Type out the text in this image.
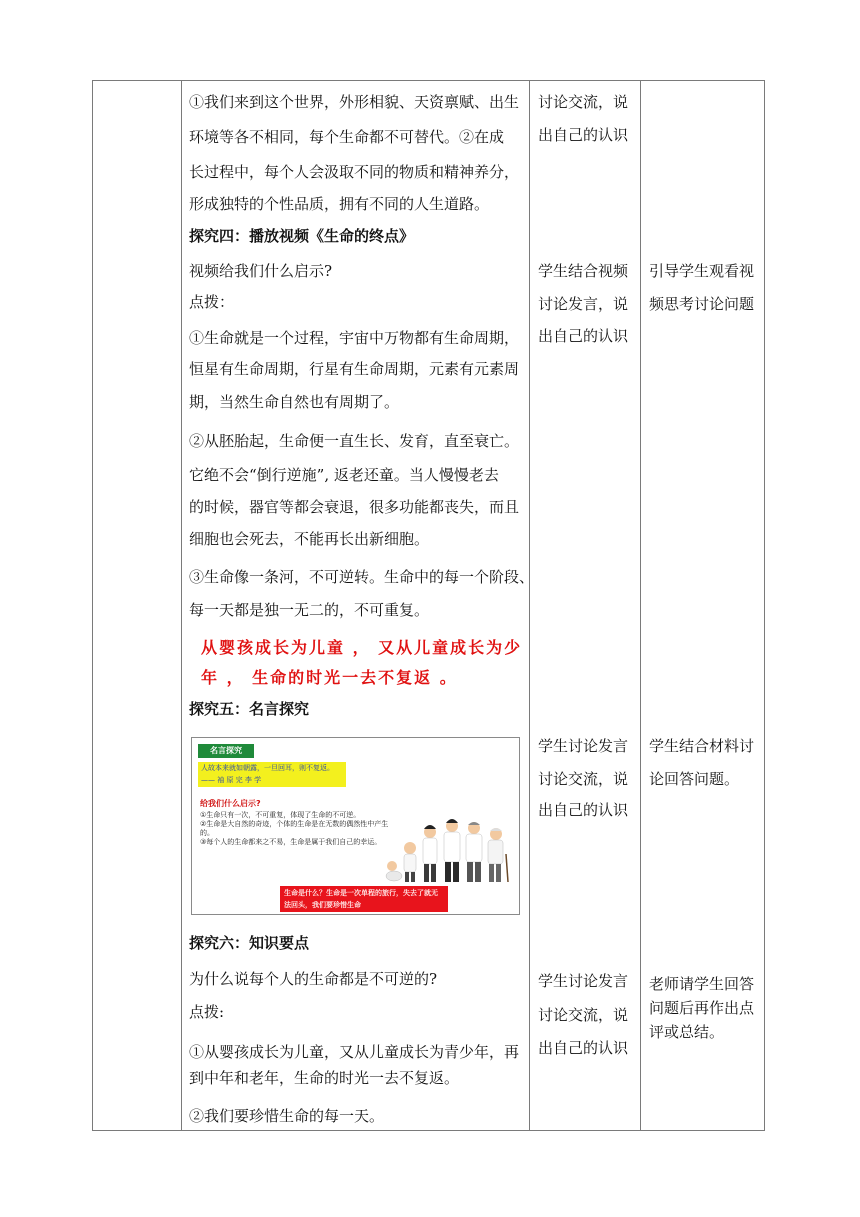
①我们来到这个世界，外形相貌、天资禀赋、出生
环境等各不相同，每个生命都不可替代。②在成
长过程中，每个人会汲取不同的物质和精神养分，
形成独特的个性品质，拥有不同的人生道路。
讨论交流，说
出自己的认识
探究四：播放视频《生命的终点》
视频给我们什么启示?
点拨：
①生命就是一个过程，宇宙中万物都有生命周期，
恒星有生命周期，行星有生命周期，元素有元素周
期，当然生命自然也有周期了。
②从胚胎起，生命便一直生长、发育，直至衰亡。
它绝不会“倒行逆施”, 返老还童。当人慢慢老去
的时候，器官等都会衰退，很多功能都丧失，而且
细胞也会死去，不能再长出新细胞。
③生命像一条河，不可逆转。生命中的每一个阶段、
每一天都是独一无二的，不可重复。
从婴孩成长为儿童 ， 又从儿童成长为少
年 ， 生命的时光一去不复返 。
学生结合视频
讨论发言，说
出自己的认识
引导学生观看视
频思考讨论问题
探究五：名言探究
学生讨论发言
讨论交流，说
出自己的认识
学生结合材料讨
论回答问题。
探究六：知识要点
为什么说每个人的生命都是不可逆的?
点拨:
①从婴孩成长为儿童，又从儿童成长为青少年，再
到中年和老年，生命的时光一去不复返。
②我们要珍惜生命的每一天。
学生讨论发言
讨论交流，说
出自己的认识
老师请学生回答
问题后再作出点
评或总结。
名言探究
人故本来就如朝露，一旦回耳，则不复返。 —— 袖 原 完 李 学
给我们什么启示?
①生命只有一次，不可重复，体现了生命的不可逆。
②生命是大自然的奇迹，个体的生命是在无数的偶然性中产生的。
③每个人的生命都来之不易，生命是属于我们自己的幸运。
生命是什么？生命是一次单程的旅行，失去了就无法回头，我们要珍惜生命
